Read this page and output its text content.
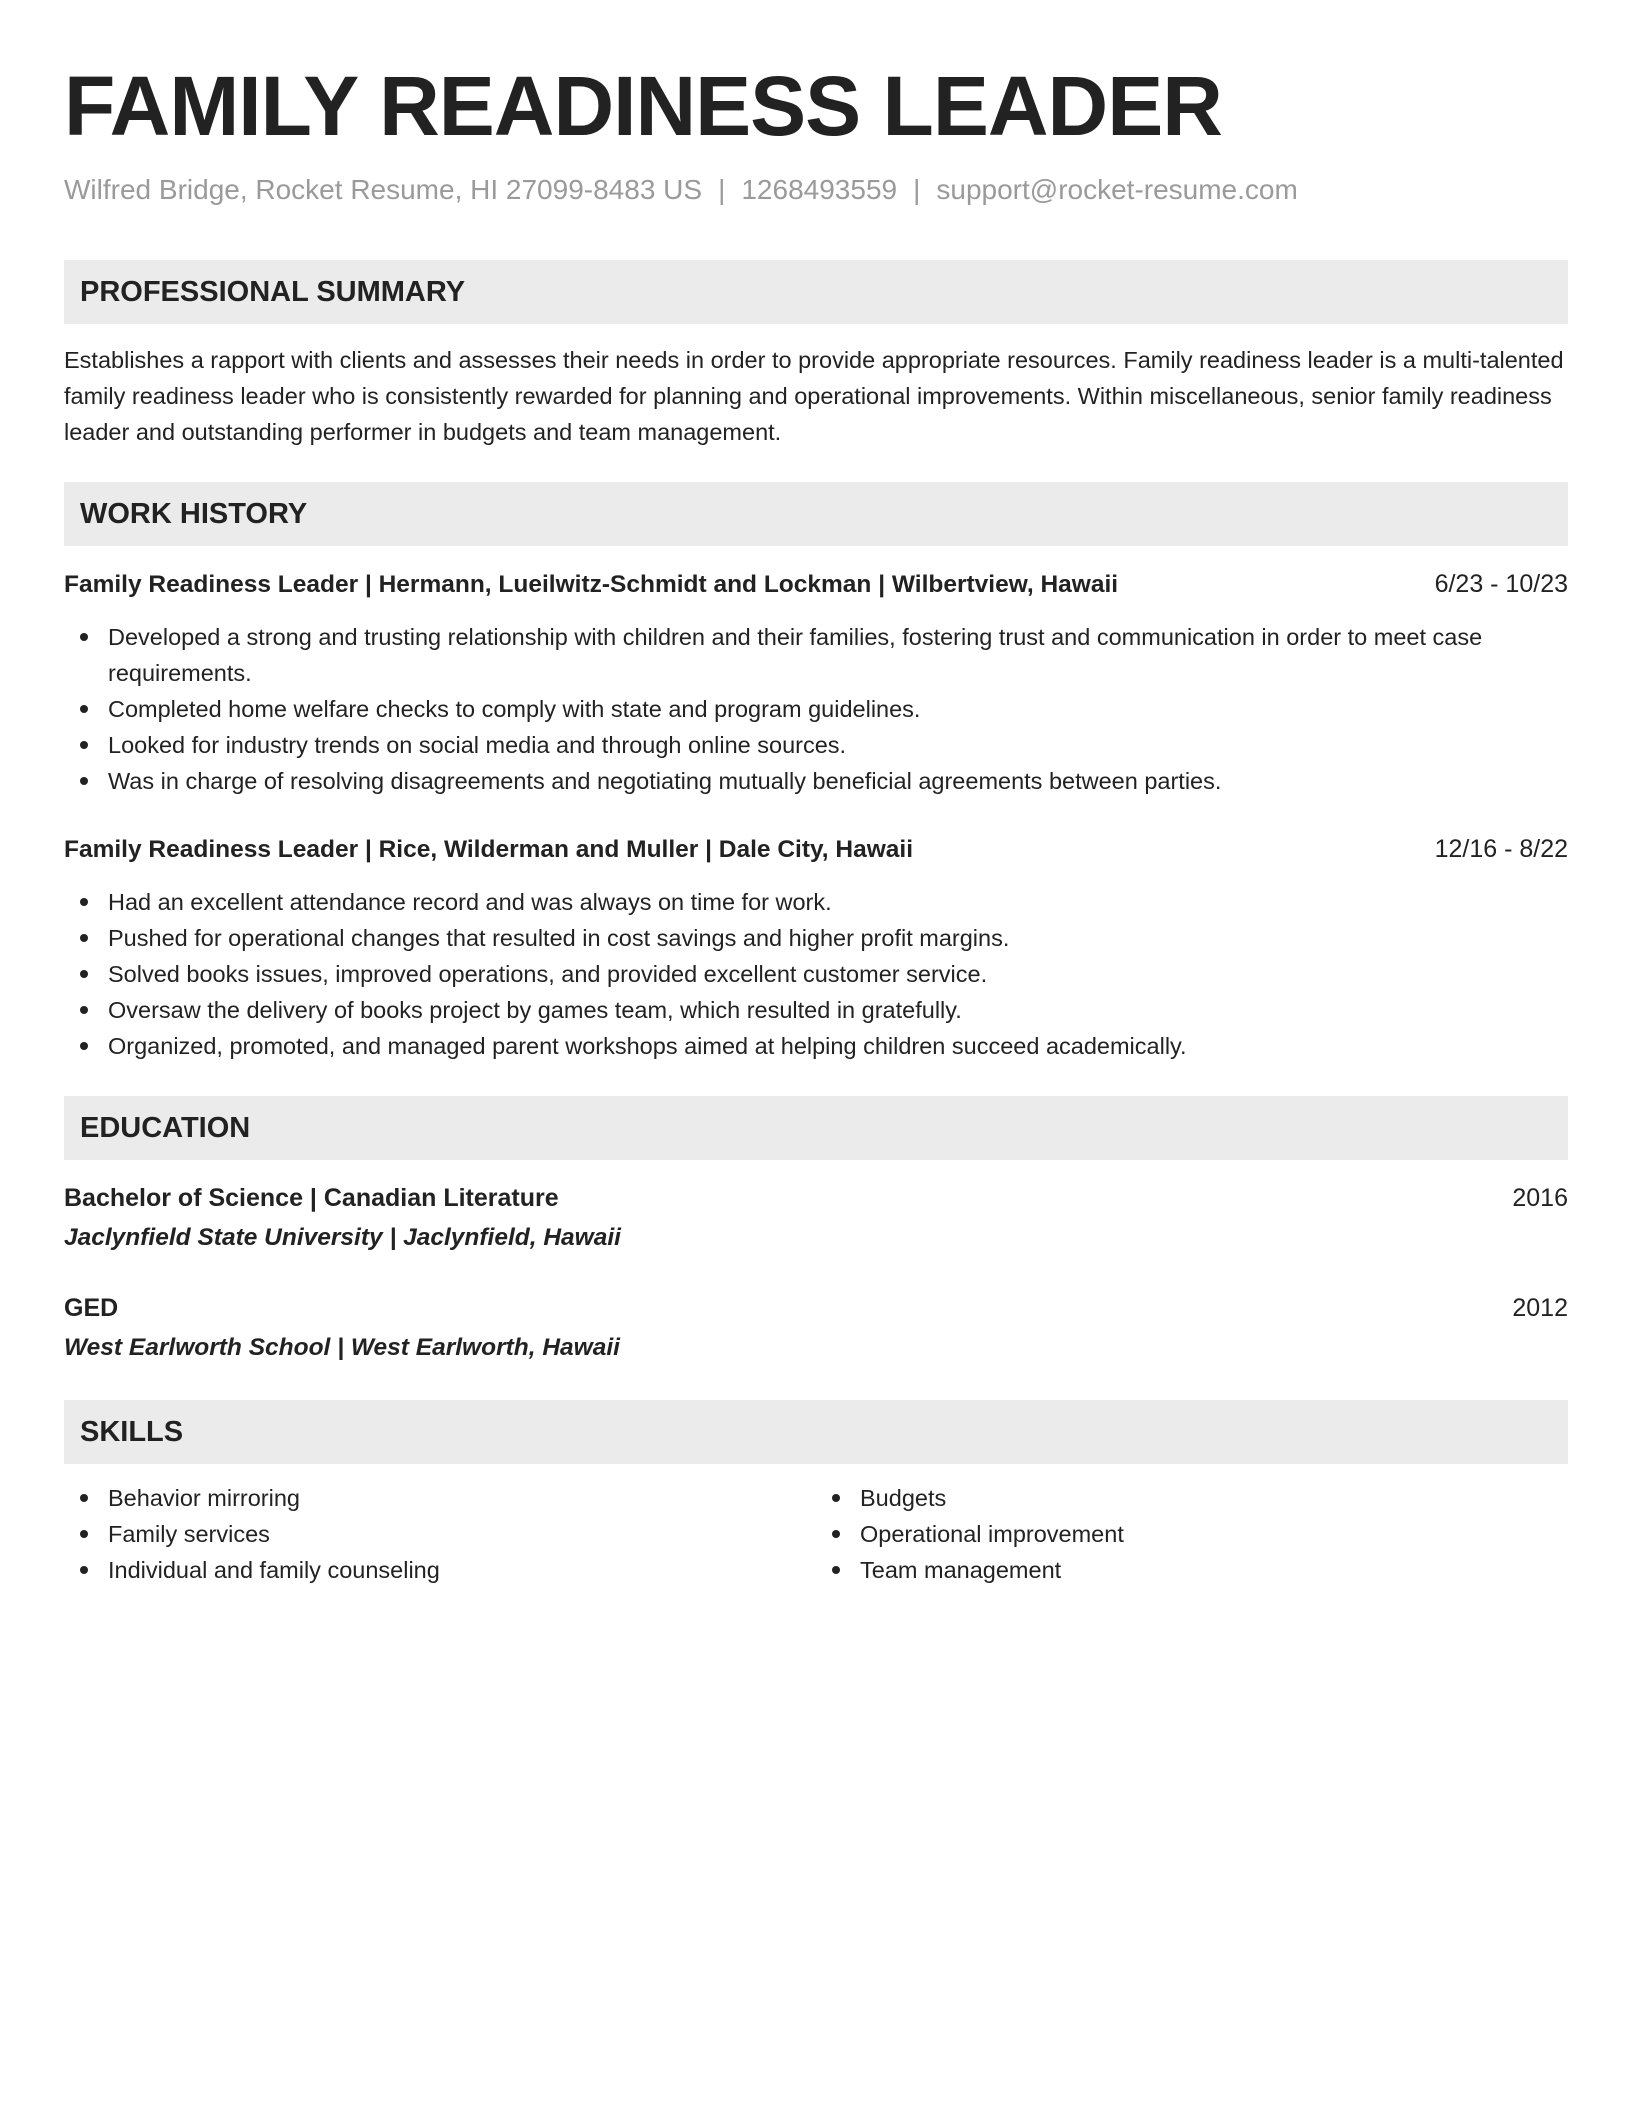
FAMILY READINESS LEADER
Wilfred Bridge, Rocket Resume, HI 27099-8483 US | 1268493559 | support@rocket-resume.com
PROFESSIONAL SUMMARY
Establishes a rapport with clients and assesses their needs in order to provide appropriate resources. Family readiness leader is a multi-talented family readiness leader who is consistently rewarded for planning and operational improvements. Within miscellaneous, senior family readiness leader and outstanding performer in budgets and team management.
WORK HISTORY
Family Readiness Leader | Hermann, Lueilwitz-Schmidt and Lockman | Wilbertview, Hawaii	6/23 - 10/23
Developed a strong and trusting relationship with children and their families, fostering trust and communication in order to meet case requirements.
Completed home welfare checks to comply with state and program guidelines.
Looked for industry trends on social media and through online sources.
Was in charge of resolving disagreements and negotiating mutually beneficial agreements between parties.
Family Readiness Leader | Rice, Wilderman and Muller | Dale City, Hawaii	12/16 - 8/22
Had an excellent attendance record and was always on time for work.
Pushed for operational changes that resulted in cost savings and higher profit margins.
Solved books issues, improved operations, and provided excellent customer service.
Oversaw the delivery of books project by games team, which resulted in gratefully.
Organized, promoted, and managed parent workshops aimed at helping children succeed academically.
EDUCATION
Bachelor of Science | Canadian Literature	2016
Jaclynfield State University | Jaclynfield, Hawaii
GED	2012
West Earlworth School | West Earlworth, Hawaii
SKILLS
Behavior mirroring
Family services
Individual and family counseling
Budgets
Operational improvement
Team management
